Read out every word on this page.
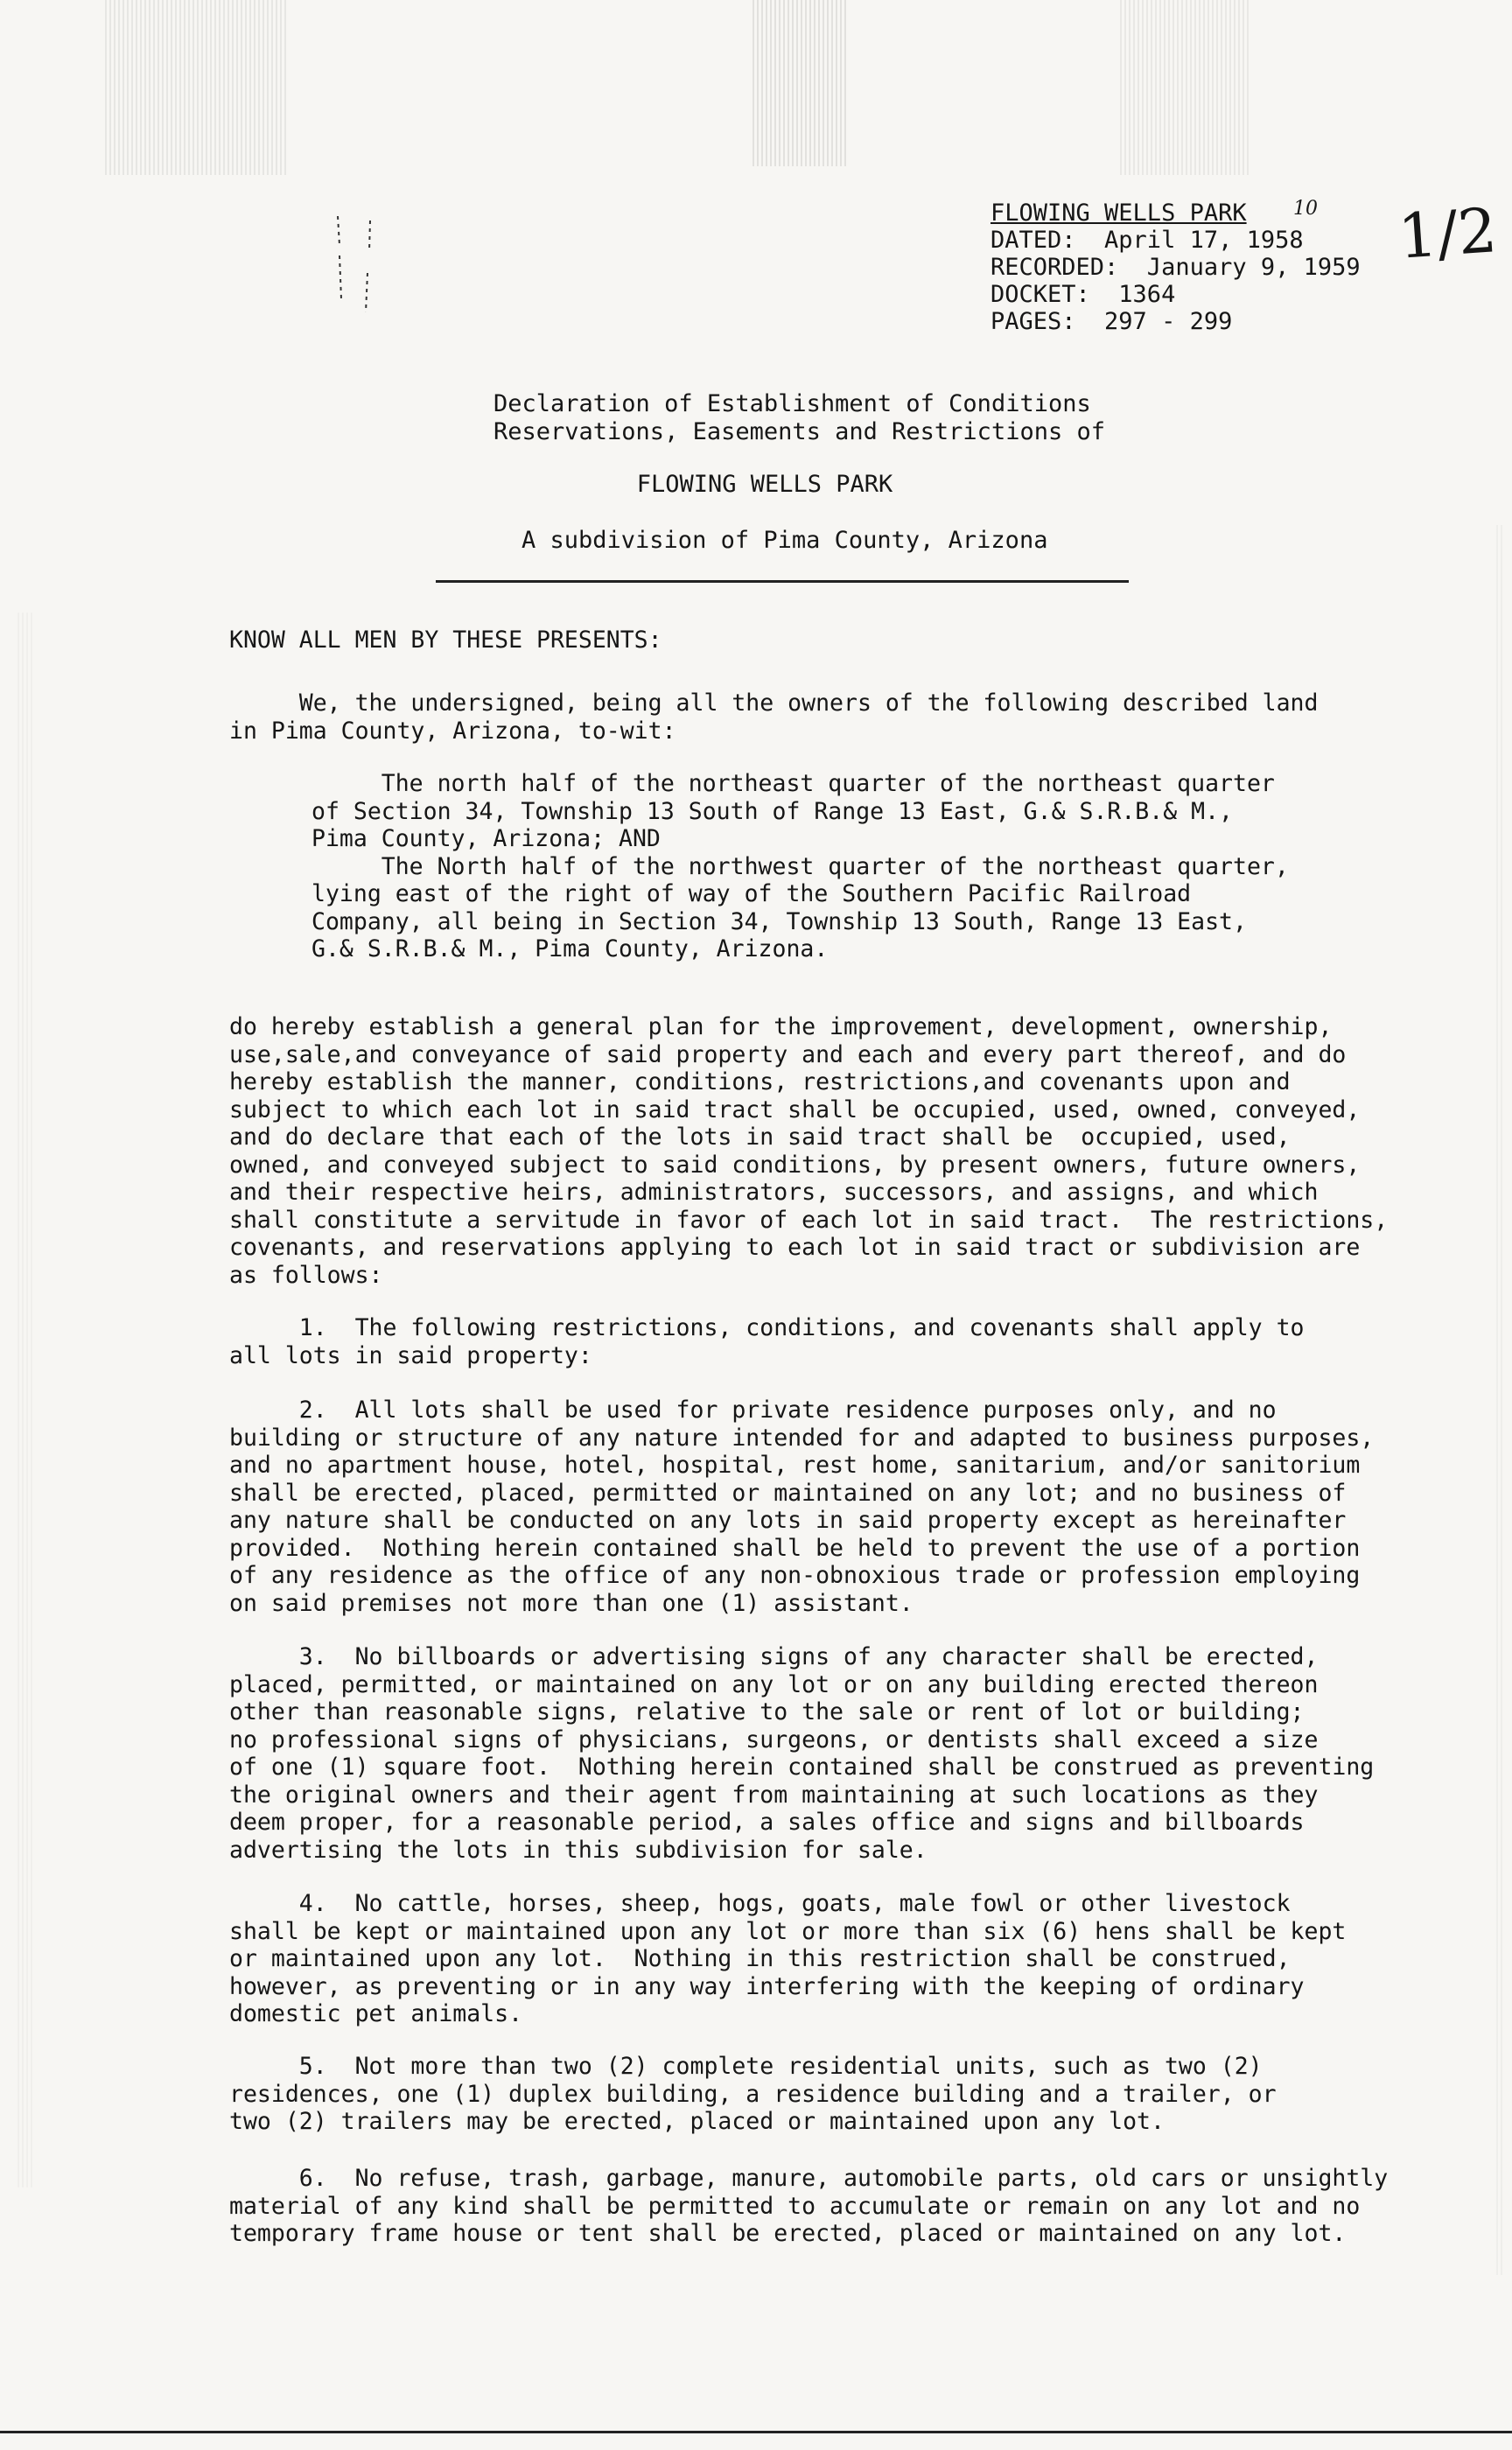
FLOWING WELLS PARK
DATED:  April 17, 1958
RECORDED:  January 9, 1959
DOCKET:  1364
PAGES:  297 - 299
10 1/2
Declaration of Establishment of Conditions
Reservations, Easements and Restrictions of
FLOWING WELLS PARK
A subdivision of Pima County, Arizona
KNOW ALL MEN BY THESE PRESENTS:
We, the undersigned, being all the owners of the following described land
in Pima County, Arizona, to-wit:
The north half of the northeast quarter of the northeast quarter
of Section 34, Township 13 South of Range 13 East, G.& S.R.B.& M.,
Pima County, Arizona; AND
The North half of the northwest quarter of the northeast quarter,
lying east of the right of way of the Southern Pacific Railroad
Company, all being in Section 34, Township 13 South, Range 13 East,
G.& S.R.B.& M., Pima County, Arizona.
do hereby establish a general plan for the improvement, development, ownership,
use,sale,and conveyance of said property and each and every part thereof, and do
hereby establish the manner, conditions, restrictions,and covenants upon and
subject to which each lot in said tract shall be occupied, used, owned, conveyed,
and do declare that each of the lots in said tract shall be  occupied, used,
owned, and conveyed subject to said conditions, by present owners, future owners,
and their respective heirs, administrators, successors, and assigns, and which
shall constitute a servitude in favor of each lot in said tract.  The restrictions,
covenants, and reservations applying to each lot in said tract or subdivision are
as follows:
1.  The following restrictions, conditions, and covenants shall apply to
all lots in said property:
2.  All lots shall be used for private residence purposes only, and no
building or structure of any nature intended for and adapted to business purposes,
and no apartment house, hotel, hospital, rest home, sanitarium, and/or sanitorium
shall be erected, placed, permitted or maintained on any lot; and no business of
any nature shall be conducted on any lots in said property except as hereinafter
provided.  Nothing herein contained shall be held to prevent the use of a portion
of any residence as the office of any non-obnoxious trade or profession employing
on said premises not more than one (1) assistant.
3.  No billboards or advertising signs of any character shall be erected,
placed, permitted, or maintained on any lot or on any building erected thereon
other than reasonable signs, relative to the sale or rent of lot or building;
no professional signs of physicians, surgeons, or dentists shall exceed a size
of one (1) square foot.  Nothing herein contained shall be construed as preventing
the original owners and their agent from maintaining at such locations as they
deem proper, for a reasonable period, a sales office and signs and billboards
advertising the lots in this subdivision for sale.
4.  No cattle, horses, sheep, hogs, goats, male fowl or other livestock
shall be kept or maintained upon any lot or more than six (6) hens shall be kept
or maintained upon any lot.  Nothing in this restriction shall be construed,
however, as preventing or in any way interfering with the keeping of ordinary
domestic pet animals.
5.  Not more than two (2) complete residential units, such as two (2)
residences, one (1) duplex building, a residence building and a trailer, or
two (2) trailers may be erected, placed or maintained upon any lot.
6.  No refuse, trash, garbage, manure, automobile parts, old cars or unsightly
material of any kind shall be permitted to accumulate or remain on any lot and no
temporary frame house or tent shall be erected, placed or maintained on any lot.
